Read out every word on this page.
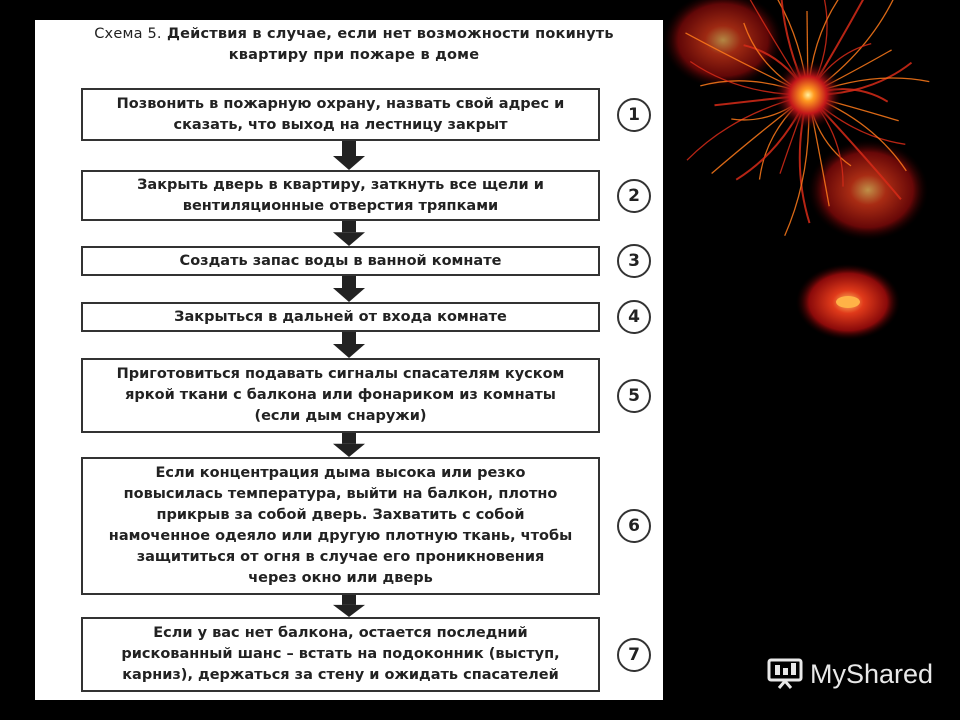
Схема 5. Действия в случае, если нет возможности покинуть квартиру при пожаре в доме
Позвонить в пожарную охрану, назвать свой адрес и
сказать, что выход на лестницу закрыт	1
Закрыть дверь в квартиру, заткнуть все щели и
вентиляционные отверстия тряпками	2
Создать запас воды в ванной комнате	3
Закрыться в дальней от входа комнате	4
Приготовиться подавать сигналы спасателям куском
яркой ткани с балкона или фонариком из комнаты
(если дым снаружи)
5
Если концентрация дыма высока или резко
повысилась температура, выйти на балкон, плотно
прикрыв за собой дверь. Захватить с собой
намоченное одеяло или другую плотную ткань, чтобы
защититься от огня в случае его проникновения
через окно или дверь
6
Если у вас нет балкона, остается последний
рискованный шанс – встать на подоконник (выступ,
карниз), держаться за стену и ожидать спасателей
7
MyShared
